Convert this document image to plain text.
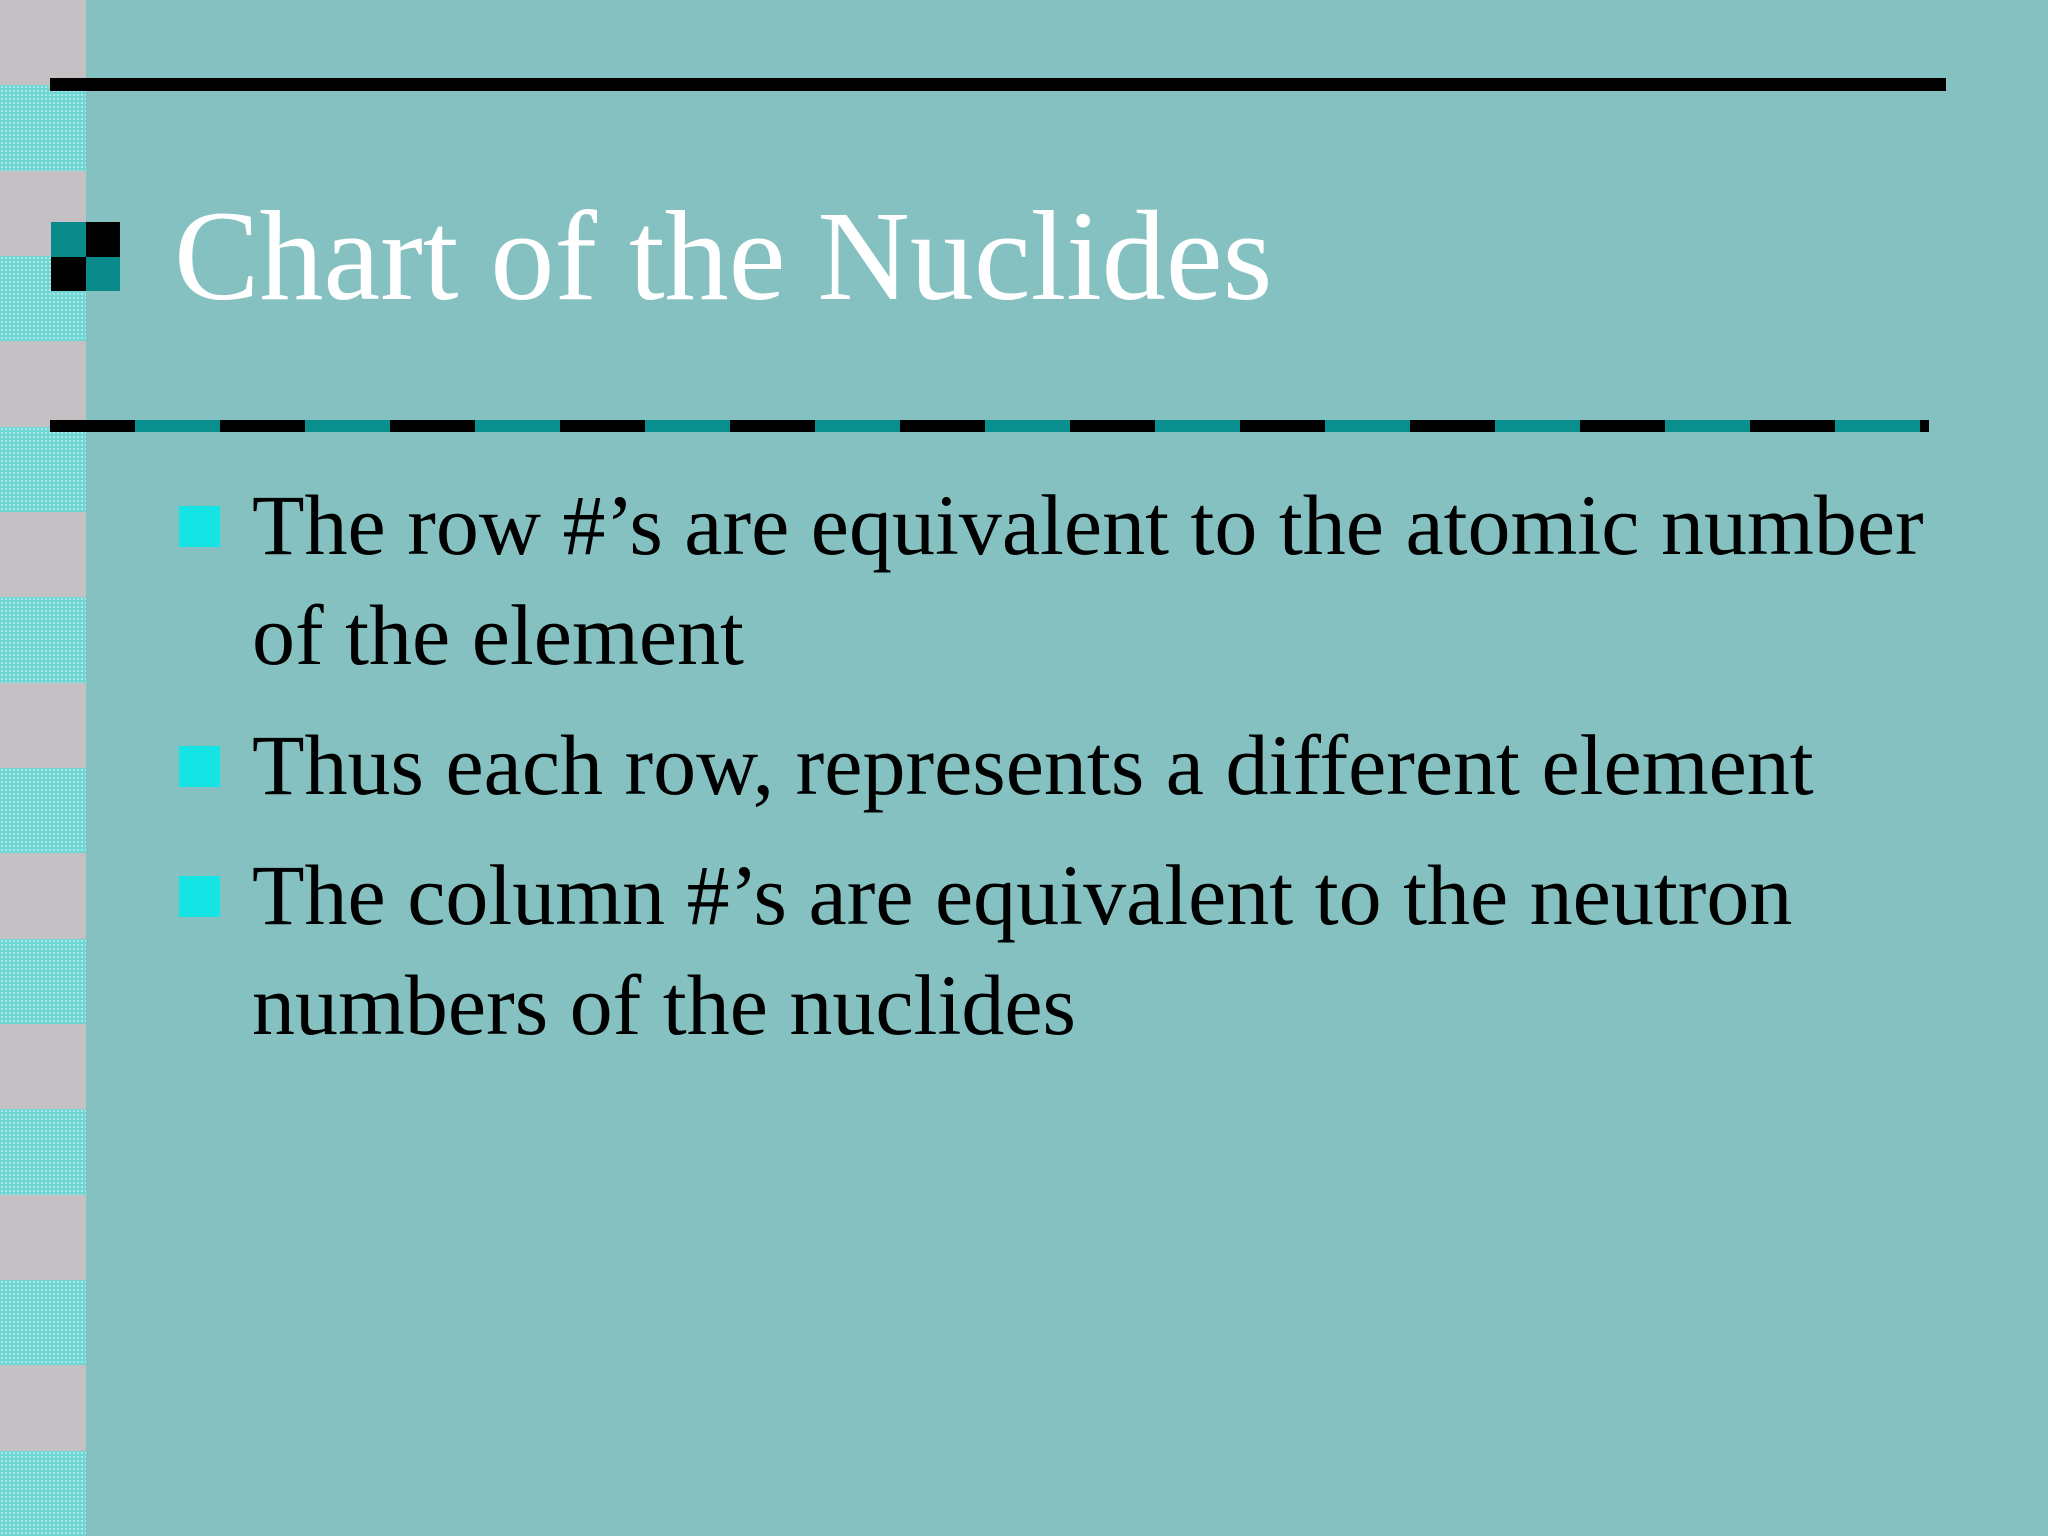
Chart of the Nuclides
The row #’s are equivalent to the atomic number of the element
Thus each row, represents a different element
The column #’s are equivalent to the neutron numbers of the nuclides
